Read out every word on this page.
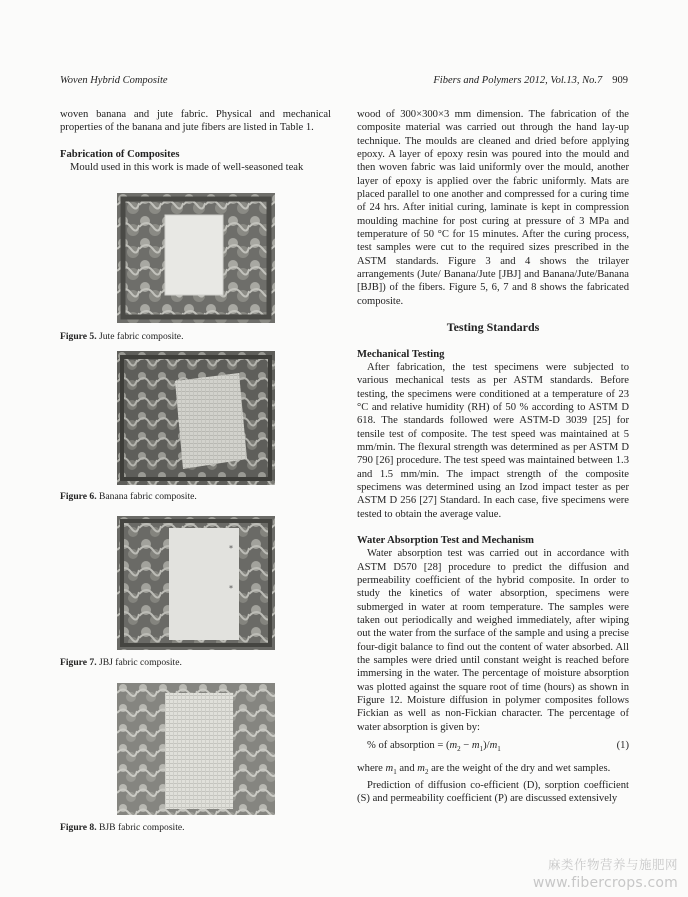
Woven Hybrid Composite	Fibers and Polymers 2012, Vol.13, No.7 909

woven banana and jute fabric. Physical and mechanical properties of the banana and jute fibers are listed in Table 1.

Fabrication of Composites

Mould used in this work is made of well-seasoned teak

Figure 5. Jute fabric composite.
Figure 6. Banana fabric composite.
*
*
Figure 7. JBJ fabric composite.
Figure 8. BJB fabric composite.

wood of 300×300×3 mm dimension. The fabrication of the composite material was carried out through the hand lay-up technique. The moulds are cleaned and dried before applying epoxy. A layer of epoxy resin was poured into the mould and then woven fabric was laid uniformly over the mould, another layer of epoxy is applied over the fabric uniformly. Mats are placed parallel to one another and compressed for a curing time of 24 hrs. After initial curing, laminate is kept in compression moulding machine for post curing at pressure of 3 MPa and temperature of 50 °C for 15 minutes. After the curing process, test samples were cut to the required sizes prescribed in the ASTM standards. Figure 3 and 4 shows the trilayer arrangements (Jute/ Banana/Jute [JBJ] and Banana/Jute/Banana [BJB]) of the fibers. Figure 5, 6, 7 and 8 shows the fabricated composite.

Testing Standards

Mechanical Testing

After fabrication, the test specimens were subjected to various mechanical tests as per ASTM standards. Before testing, the specimens were conditioned at a temperature of 23 °C and relative humidity (RH) of 50 % according to ASTM D 618. The standards followed were ASTM-D 3039 [25] for tensile test of composite. The test speed was maintained at 5 mm/min. The flexural strength was determined as per ASTM D 790 [26] procedure. The test speed was maintained between 1.3 and 1.5 mm/min. The impact strength of the composite specimens was determined using an Izod impact tester as per ASTM D 256 [27] Standard. In each case, five specimens were tested to obtain the average value.

Water Absorption Test and Mechanism

Water absorption test was carried out in accordance with ASTM D570 [28] procedure to predict the diffusion and permeability coefficient of the hybrid composite. In order to study the kinetics of water absorption, specimens were submerged in water at room temperature. The samples were taken out periodically and weighed immediately, after wiping out the water from the surface of the sample and using a precise four-digit balance to find out the content of water absorbed. All the samples were dried until constant weight is reached before immersing in the water. The percentage of moisture absorption was plotted against the square root of time (hours) as shown in Figure 12. Moisture diffusion in polymer composites follows Fickian as well as non-Fickian character. The percentage of water absorption is given by:

% of absorption = $(m_2 - m_1)/m_1$	(1)

where $m_1$ and $m_2$ are the weight of the dry and wet samples.

Prediction of diffusion co-efficient (D), sorption coefficient (S) and permeability coefficient (P) are discussed extensively

麻类作物营养与施肥网
www.fibercrops.com
